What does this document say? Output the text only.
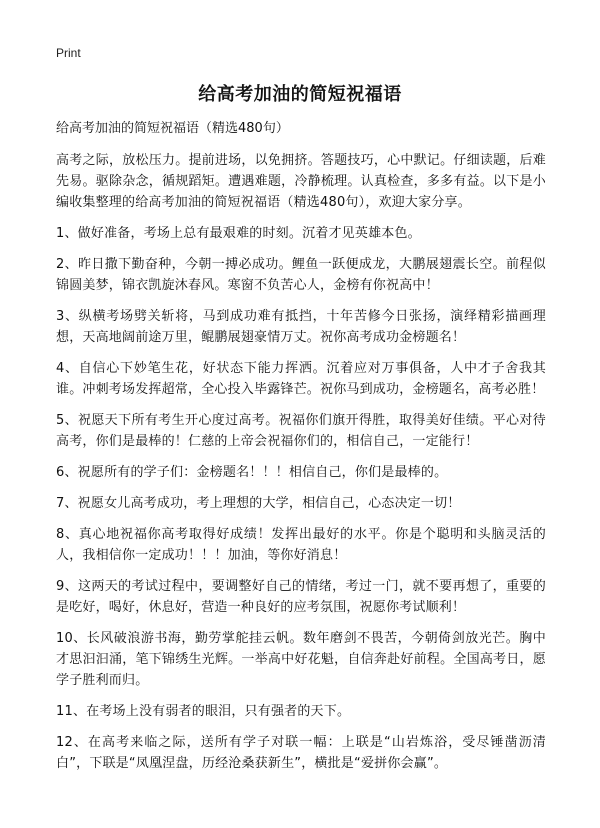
Print
给高考加油的简短祝福语

给高考加油的简短祝福语（精选480句）

高考之际，放松压力。提前进场，以免拥挤。答题技巧，心中默记。仔细读题，后难先易。驱除杂念，循规蹈矩。遭遇难题，冷静梳理。认真检查，多多有益。以下是小编收集整理的给高考加油的简短祝福语（精选480句），欢迎大家分享。

1、做好准备，考场上总有最艰难的时刻。沉着才见英雄本色。

2、昨日撒下勤奋种，今朝一搏必成功。鲤鱼一跃便成龙，大鹏展翅震长空。前程似锦圆美梦，锦衣凯旋沐春风。寒窗不负苦心人，金榜有你祝高中！

3、纵横考场劈关斩将，马到成功难有抵挡，十年苦修今日张扬，演绎精彩描画理想，天高地阔前途万里，鲲鹏展翅豪情万丈。祝你高考成功金榜题名！

4、自信心下妙笔生花，好状态下能力挥洒。沉着应对万事俱备，人中才子舍我其谁。冲刺考场发挥超常，全心投入毕露锋芒。祝你马到成功，金榜题名，高考必胜！

5、祝愿天下所有考生开心度过高考。祝福你们旗开得胜，取得美好佳绩。平心对待高考，你们是最棒的！仁慈的上帝会祝福你们的，相信自己，一定能行！

6、祝愿所有的学子们：金榜题名！！！相信自己，你们是最棒的。

7、祝愿女儿高考成功，考上理想的大学，相信自己，心态决定一切！

8、真心地祝福你高考取得好成绩！发挥出最好的水平。你是个聪明和头脑灵活的人，我相信你一定成功！！！加油，等你好消息！

9、这两天的考试过程中，要调整好自己的情绪，考过一门，就不要再想了，重要的是吃好，喝好，休息好，营造一种良好的应考氛围，祝愿你考试顺利！

10、长风破浪游书海，勤劳掌舵挂云帆。数年磨剑不畏苦，今朝倚剑放光芒。胸中才思汩汩涌，笔下锦绣生光辉。一举高中好花魁，自信奔赴好前程。全国高考日，愿学子胜利而归。

11、在考场上没有弱者的眼泪，只有强者的天下。

12、在高考来临之际，送所有学子对联一幅：上联是“山岩炼浴，受尽锤凿沥清白”，下联是“凤凰涅盘，历经沧桑获新生”，横批是“爱拼你会赢”。
